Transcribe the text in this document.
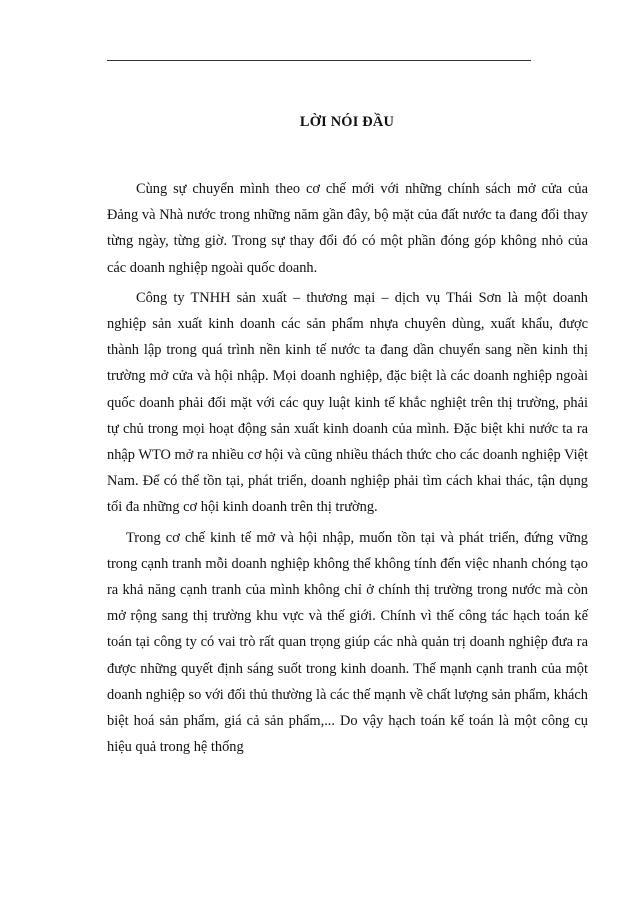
LỜI NÓI ĐẦU

Cùng sự chuyển mình theo cơ chế mới với những chính sách mở cửa của Đảng và Nhà nước trong những năm gần đây, bộ mặt của đất nước ta đang đổi thay từng ngày, từng giờ. Trong sự thay đổi đó có một phần đóng góp không nhỏ của các doanh nghiệp ngoài quốc doanh.

Công ty TNHH sản xuất – thương mại – dịch vụ Thái Sơn là một doanh nghiệp sản xuất kinh doanh các sản phẩm nhựa chuyên dùng, xuất khẩu, được thành lập trong quá trình nền kinh tế nước ta đang dần chuyển sang nền kinh thị trường mở cửa và hội nhập. Mọi doanh nghiệp, đặc biệt là các doanh nghiệp ngoài quốc doanh phải đối mặt với các quy luật kinh tế khắc nghiệt trên thị trường, phải tự chủ trong mọi hoạt động sản xuất kinh doanh của mình. Đặc biệt khi nước ta ra nhập WTO mở ra nhiều cơ hội và cũng nhiều thách thức cho các doanh nghiệp Việt Nam. Để có thể tồn tại, phát triển, doanh nghiệp phải tìm cách khai thác, tận dụng tối đa những cơ hội kinh doanh trên thị trường.

Trong cơ chế kinh tế mở và hội nhập, muốn tồn tại và phát triển, đứng vững trong cạnh tranh mỗi doanh nghiệp không thể không tính đến việc nhanh chóng tạo ra khả năng cạnh tranh của mình không chỉ ở chính thị trường trong nước mà còn mở rộng sang thị trường khu vực và thế giới. Chính vì thế công tác hạch toán kế toán tại công ty có vai trò rất quan trọng giúp các nhà quản trị doanh nghiệp đưa ra được những quyết định sáng suốt trong kinh doanh. Thế mạnh cạnh tranh của một doanh nghiệp so với đối thủ thường là các thế mạnh về chất lượng sản phẩm, khách biệt hoá sản phẩm, giá cả sản phẩm,... Do vậy hạch toán kế toán là một công cụ hiệu quả trong hệ thống
